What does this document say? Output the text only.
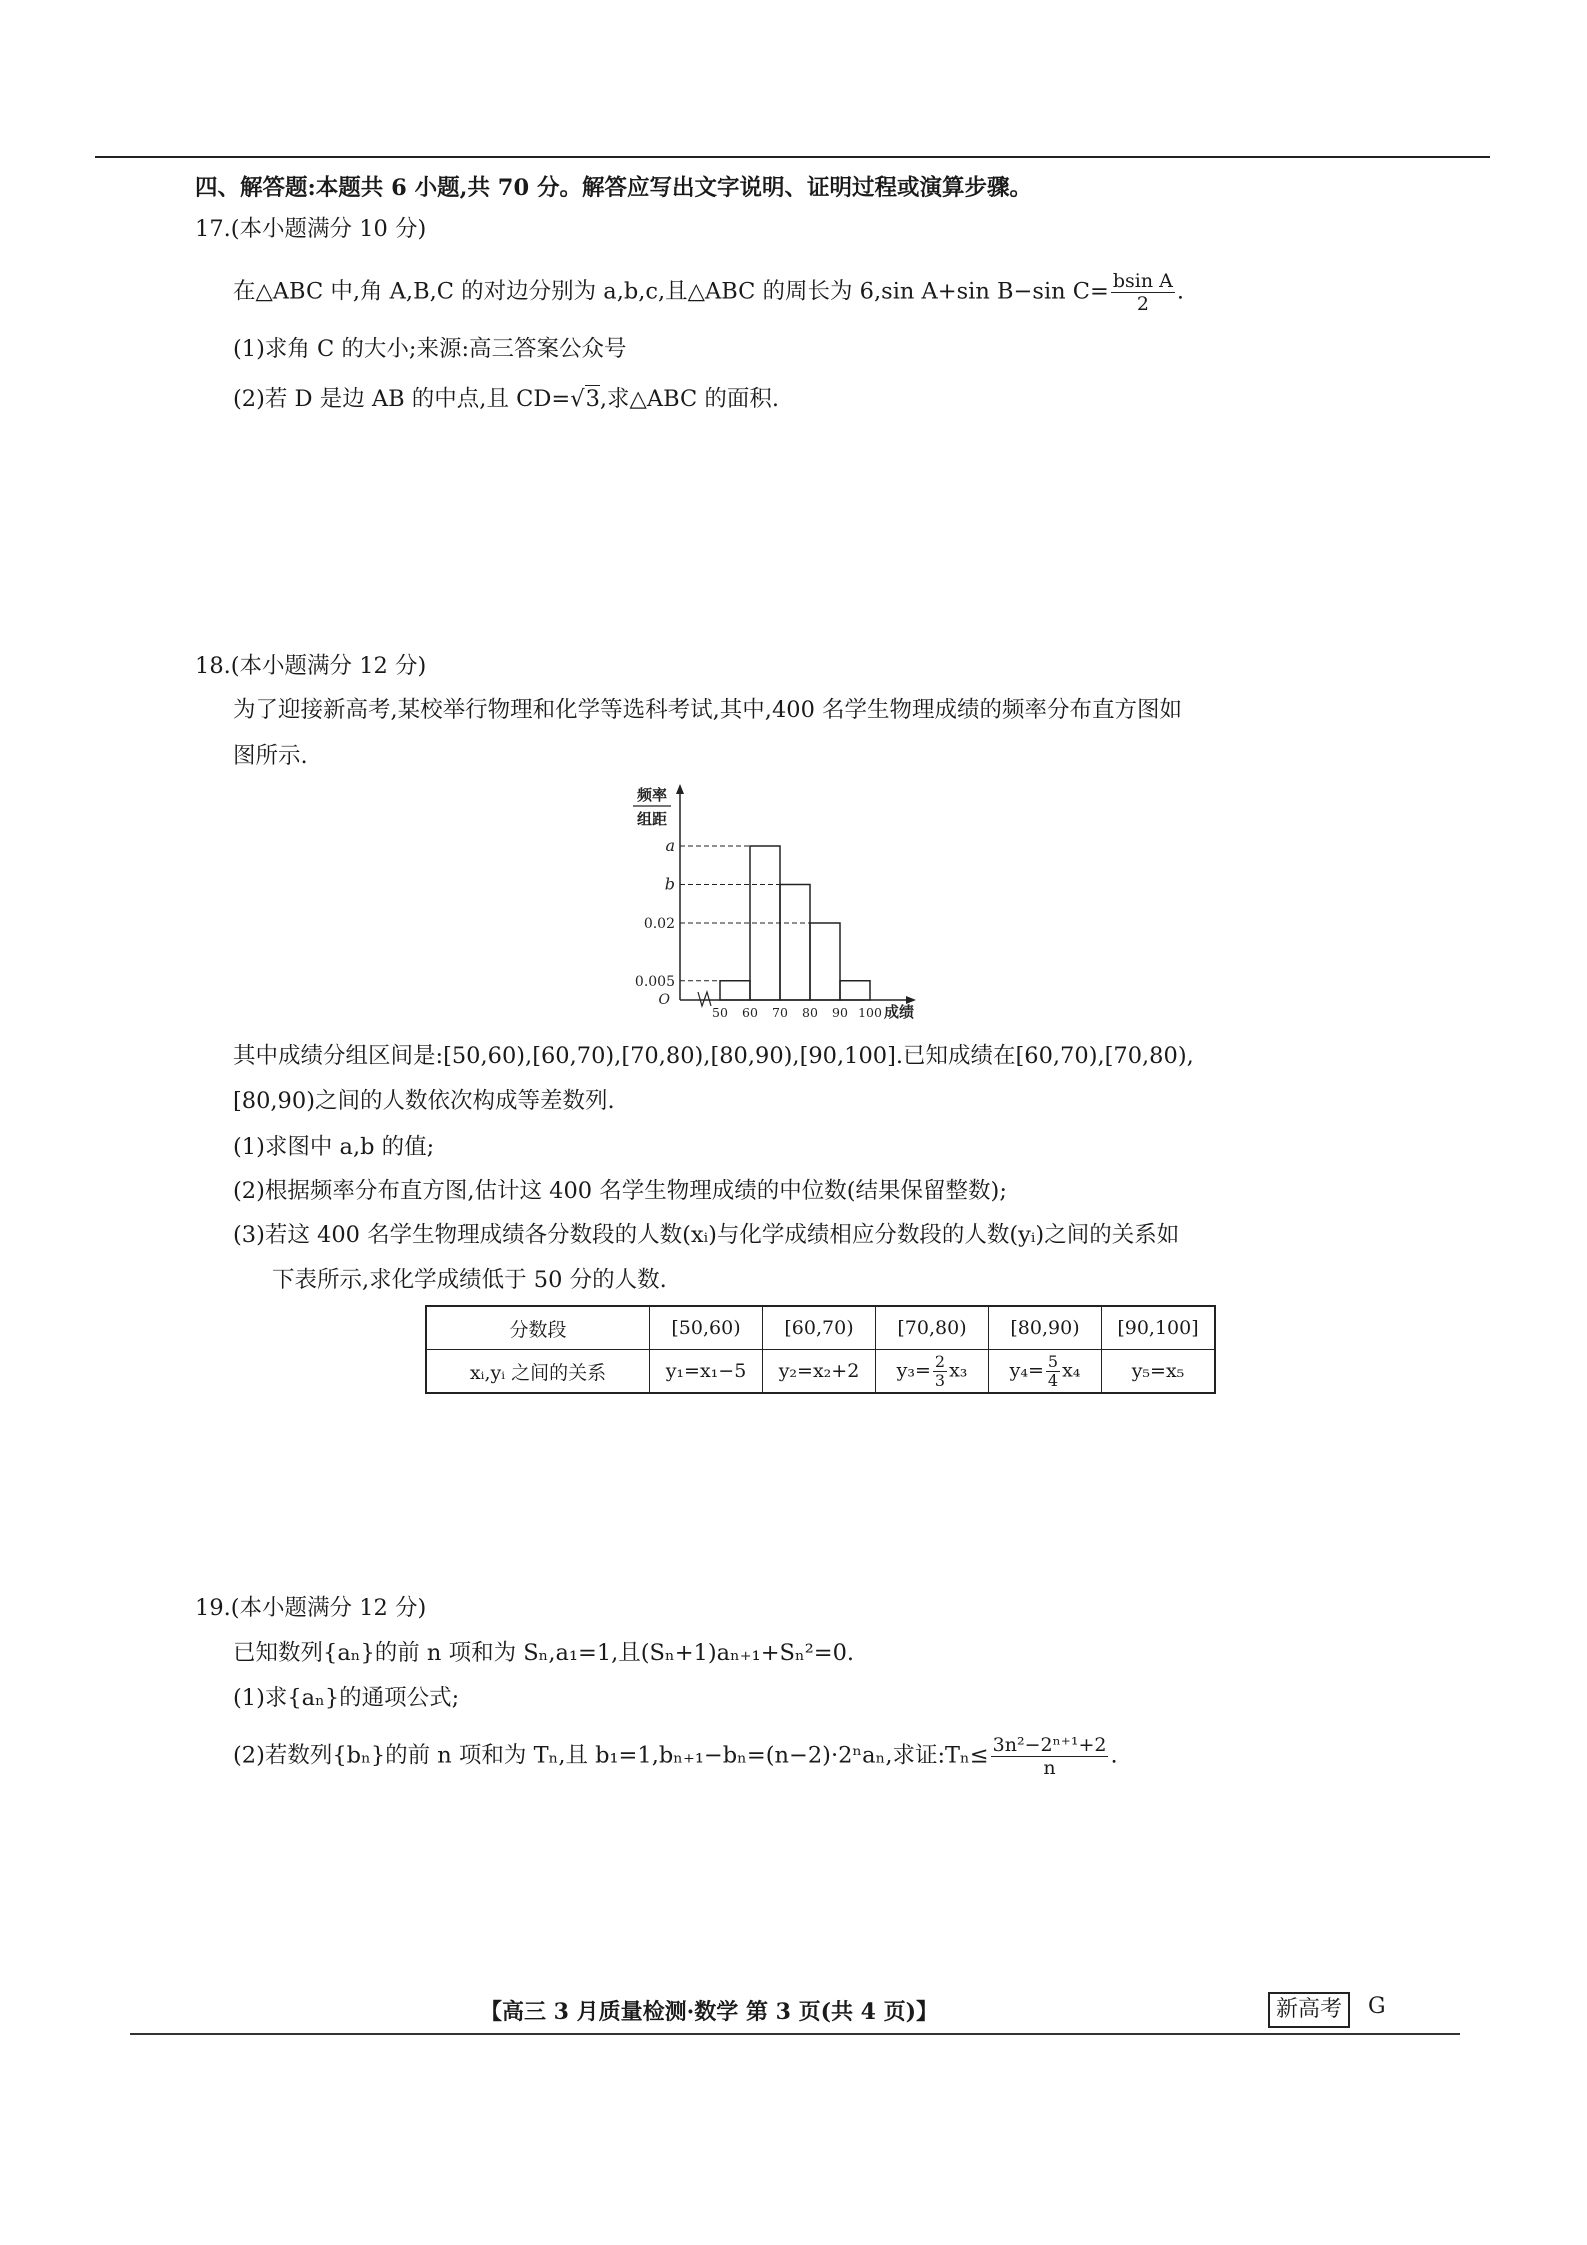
四、解答题:本题共 6 小题,共 70 分。解答应写出文字说明、证明过程或演算步骤。
17.(本小题满分 10 分)
在△ABC 中,角 A,B,C 的对边分别为 a,b,c,且△ABC 的周长为 6,sin A+sin B−sin $C= \frac{\text{bsin A}}{2}$ .
(1)求角 C 的大小;来源:高三答案公众号
(2)若 D 是边 AB 的中点,且 CD=√3,求△ABC 的面积.
18.(本小题满分 12 分)
为了迎接新高考,某校举行物理和化学等选科考试,其中,400 名学生物理成绩的频率分布直方图如
图所示.
a
b
0.02
0.005
50 60 70 80 90 100 成绩
O
频率
组距
其中成绩分组区间是:[50,60),[60,70),[70,80),[80,90),[90,100].已知成绩在[60,70),[70,80),
[80,90)之间的人数依次构成等差数列.
(1)求图中 a,b 的值;
(2)根据频率分布直方图,估计这 400 名学生物理成绩的中位数(结果保留整数);
(3)若这 400 名学生物理成绩各分数段的人数(xᵢ)与化学成绩相应分数段的人数(yᵢ)之间的关系如
下表所示,求化学成绩低于 50 分的人数.
分数段	[50,60)	[60,70)	[70,80)	[80,90)	[90,100]
xᵢ,yᵢ 之间的关系	y₁=x₁−5	y₂=x₂+2	$y_3= \frac{2}{3} x_3$	$y_4= \frac{5}{4} x_4$	y₅=x₅
19.(本小题满分 12 分)
已知数列{aₙ}的前 n 项和为 Sₙ,a₁=1,且(Sₙ+1)aₙ₊₁+Sₙ²=0.
(1)求{aₙ}的通项公式;
(2)若数列{bₙ}的前 n 项和为 Tₙ,且 b₁=1,bₙ₊₁−bₙ=(n−2)·2ⁿaₙ,求证:Tₙ≤ $\frac{\text{3n²−2ⁿ⁺¹+2}}{n}$ .
【高三 3 月质量检测·数学 第 3 页(共 4 页)】	新高考	G
